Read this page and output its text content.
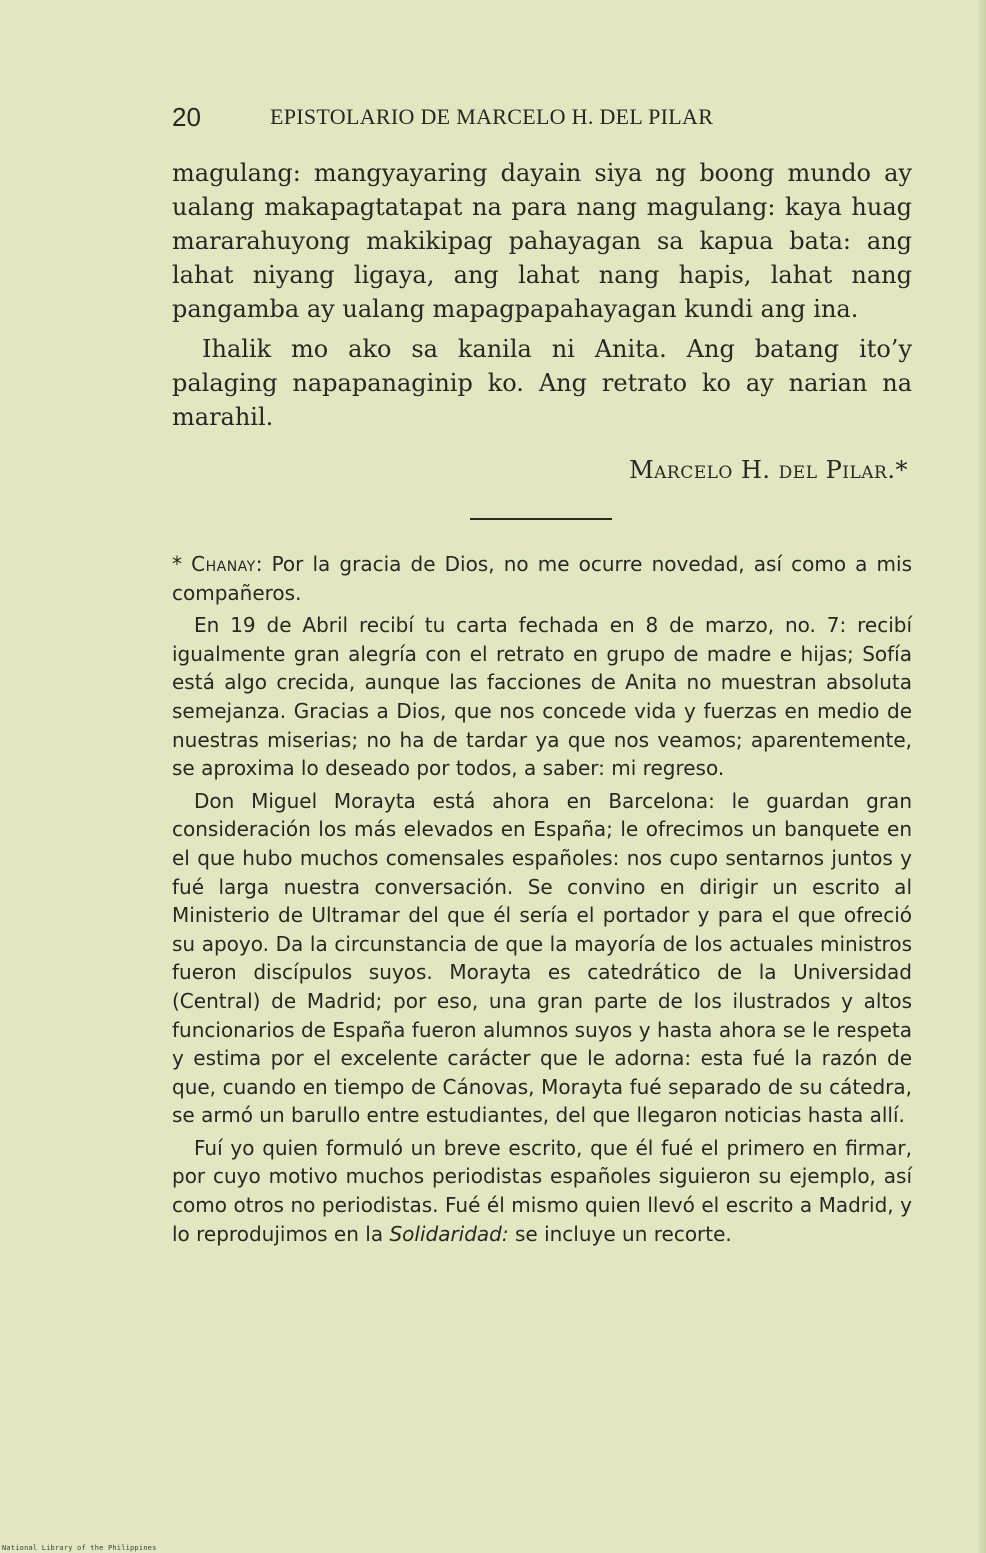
20	EPISTOLARIO DE MARCELO H. DEL PILAR

magulang: mangyayaring dayain siya ng boong mundo ay ualang makapagtatapat na para nang magulang: kaya huag mararahuyong makikipag pahayagan sa kapua bata: ang lahat niyang ligaya, ang lahat nang hapis, lahat nang pangamba ay ualang mapagpapahayagan kundi ang ina.

Ihalik mo ako sa kanila ni Anita. Ang batang ito’y palaging napapanaginip ko. Ang retrato ko ay narian na marahil.

Marcelo H. del Pilar.*

* Chanay: Por la gracia de Dios, no me ocurre novedad, así como a mis compañeros.

En 19 de Abril recibí tu carta fechada en 8 de marzo, no. 7: recibí igualmente gran alegría con el retrato en grupo de madre e hijas; Sofía está algo crecida, aunque las facciones de Anita no muestran absoluta semejanza. Gracias a Dios, que nos concede vida y fuerzas en medio de nuestras miserias; no ha de tardar ya que nos veamos; aparentemente, se aproxima lo deseado por todos, a saber: mi regreso.

Don Miguel Morayta está ahora en Barcelona: le guardan gran consideración los más elevados en España; le ofrecimos un banquete en el que hubo muchos comensales españoles: nos cupo sentarnos juntos y fué larga nuestra conversación. Se convino en dirigir un escrito al Ministerio de Ultramar del que él sería el portador y para el que ofreció su apoyo. Da la circunstancia de que la mayoría de los actuales ministros fueron discípulos suyos. Morayta es catedrático de la Universidad (Central) de Madrid; por eso, una gran parte de los ilustrados y altos funcionarios de España fueron alumnos suyos y hasta ahora se le respeta y estima por el excelente carácter que le adorna: esta fué la razón de que, cuando en tiempo de Cánovas, Morayta fué separado de su cátedra, se armó un barullo entre estudiantes, del que llegaron noticias hasta allí.

Fuí yo quien formuló un breve escrito, que él fué el primero en firmar, por cuyo motivo muchos periodistas españoles siguieron su ejemplo, así como otros no periodistas. Fué él mismo quien llevó el escrito a Madrid, y lo reprodujimos en la Solidaridad: se incluye un recorte.

National Library of the Philippines
